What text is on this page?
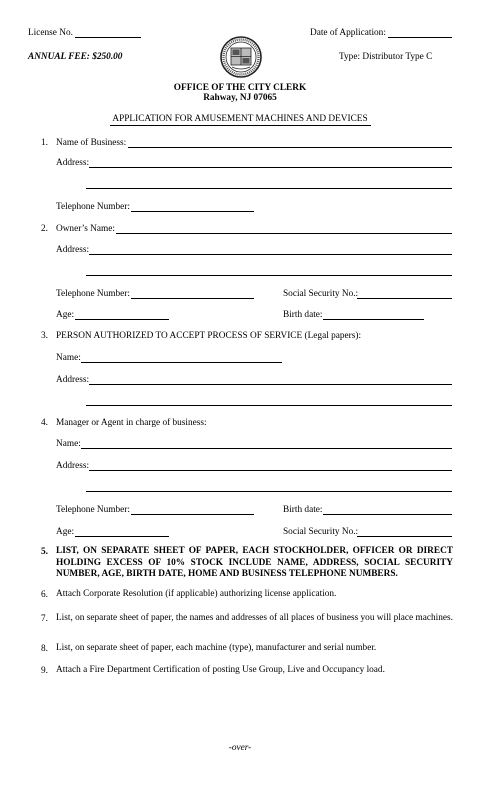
License No.	Date of Application:
ANNUAL FEE: $250.00	Type: Distributor Type C
OFFICE OF THE CITY CLERK
Rahway, NJ 07065
APPLICATION FOR AMUSEMENT MACHINES AND DEVICES
1. Name of Business:
Address:
Telephone Number:
2. Owner’s Name:
Address:
Telephone Number:	Social Security No.:
Age:	Birth date:
3. PERSON AUTHORIZED TO ACCEPT PROCESS OF SERVICE (Legal papers):
Name:
Address:
4. Manager or Agent in charge of business:
Name:
Address:
Telephone Number:	Birth date:
Age:	Social Security No.:
5. LIST, ON SEPARATE SHEET OF PAPER, EACH STOCKHOLDER, OFFICER OR DIRECT HOLDING EXCESS OF 10% STOCK INCLUDE NAME, ADDRESS, SOCIAL SECURITY NUMBER, AGE, BIRTH DATE, HOME AND BUSINESS TELEPHONE NUMBERS.
6. Attach Corporate Resolution (if applicable) authorizing license application.
7. List, on separate sheet of paper, the names and addresses of all places of business you will place machines.
8. List, on separate sheet of paper, each machine (type), manufacturer and serial number.
9. Attach a Fire Department Certification of posting Use Group, Live and Occupancy load.
-over-
